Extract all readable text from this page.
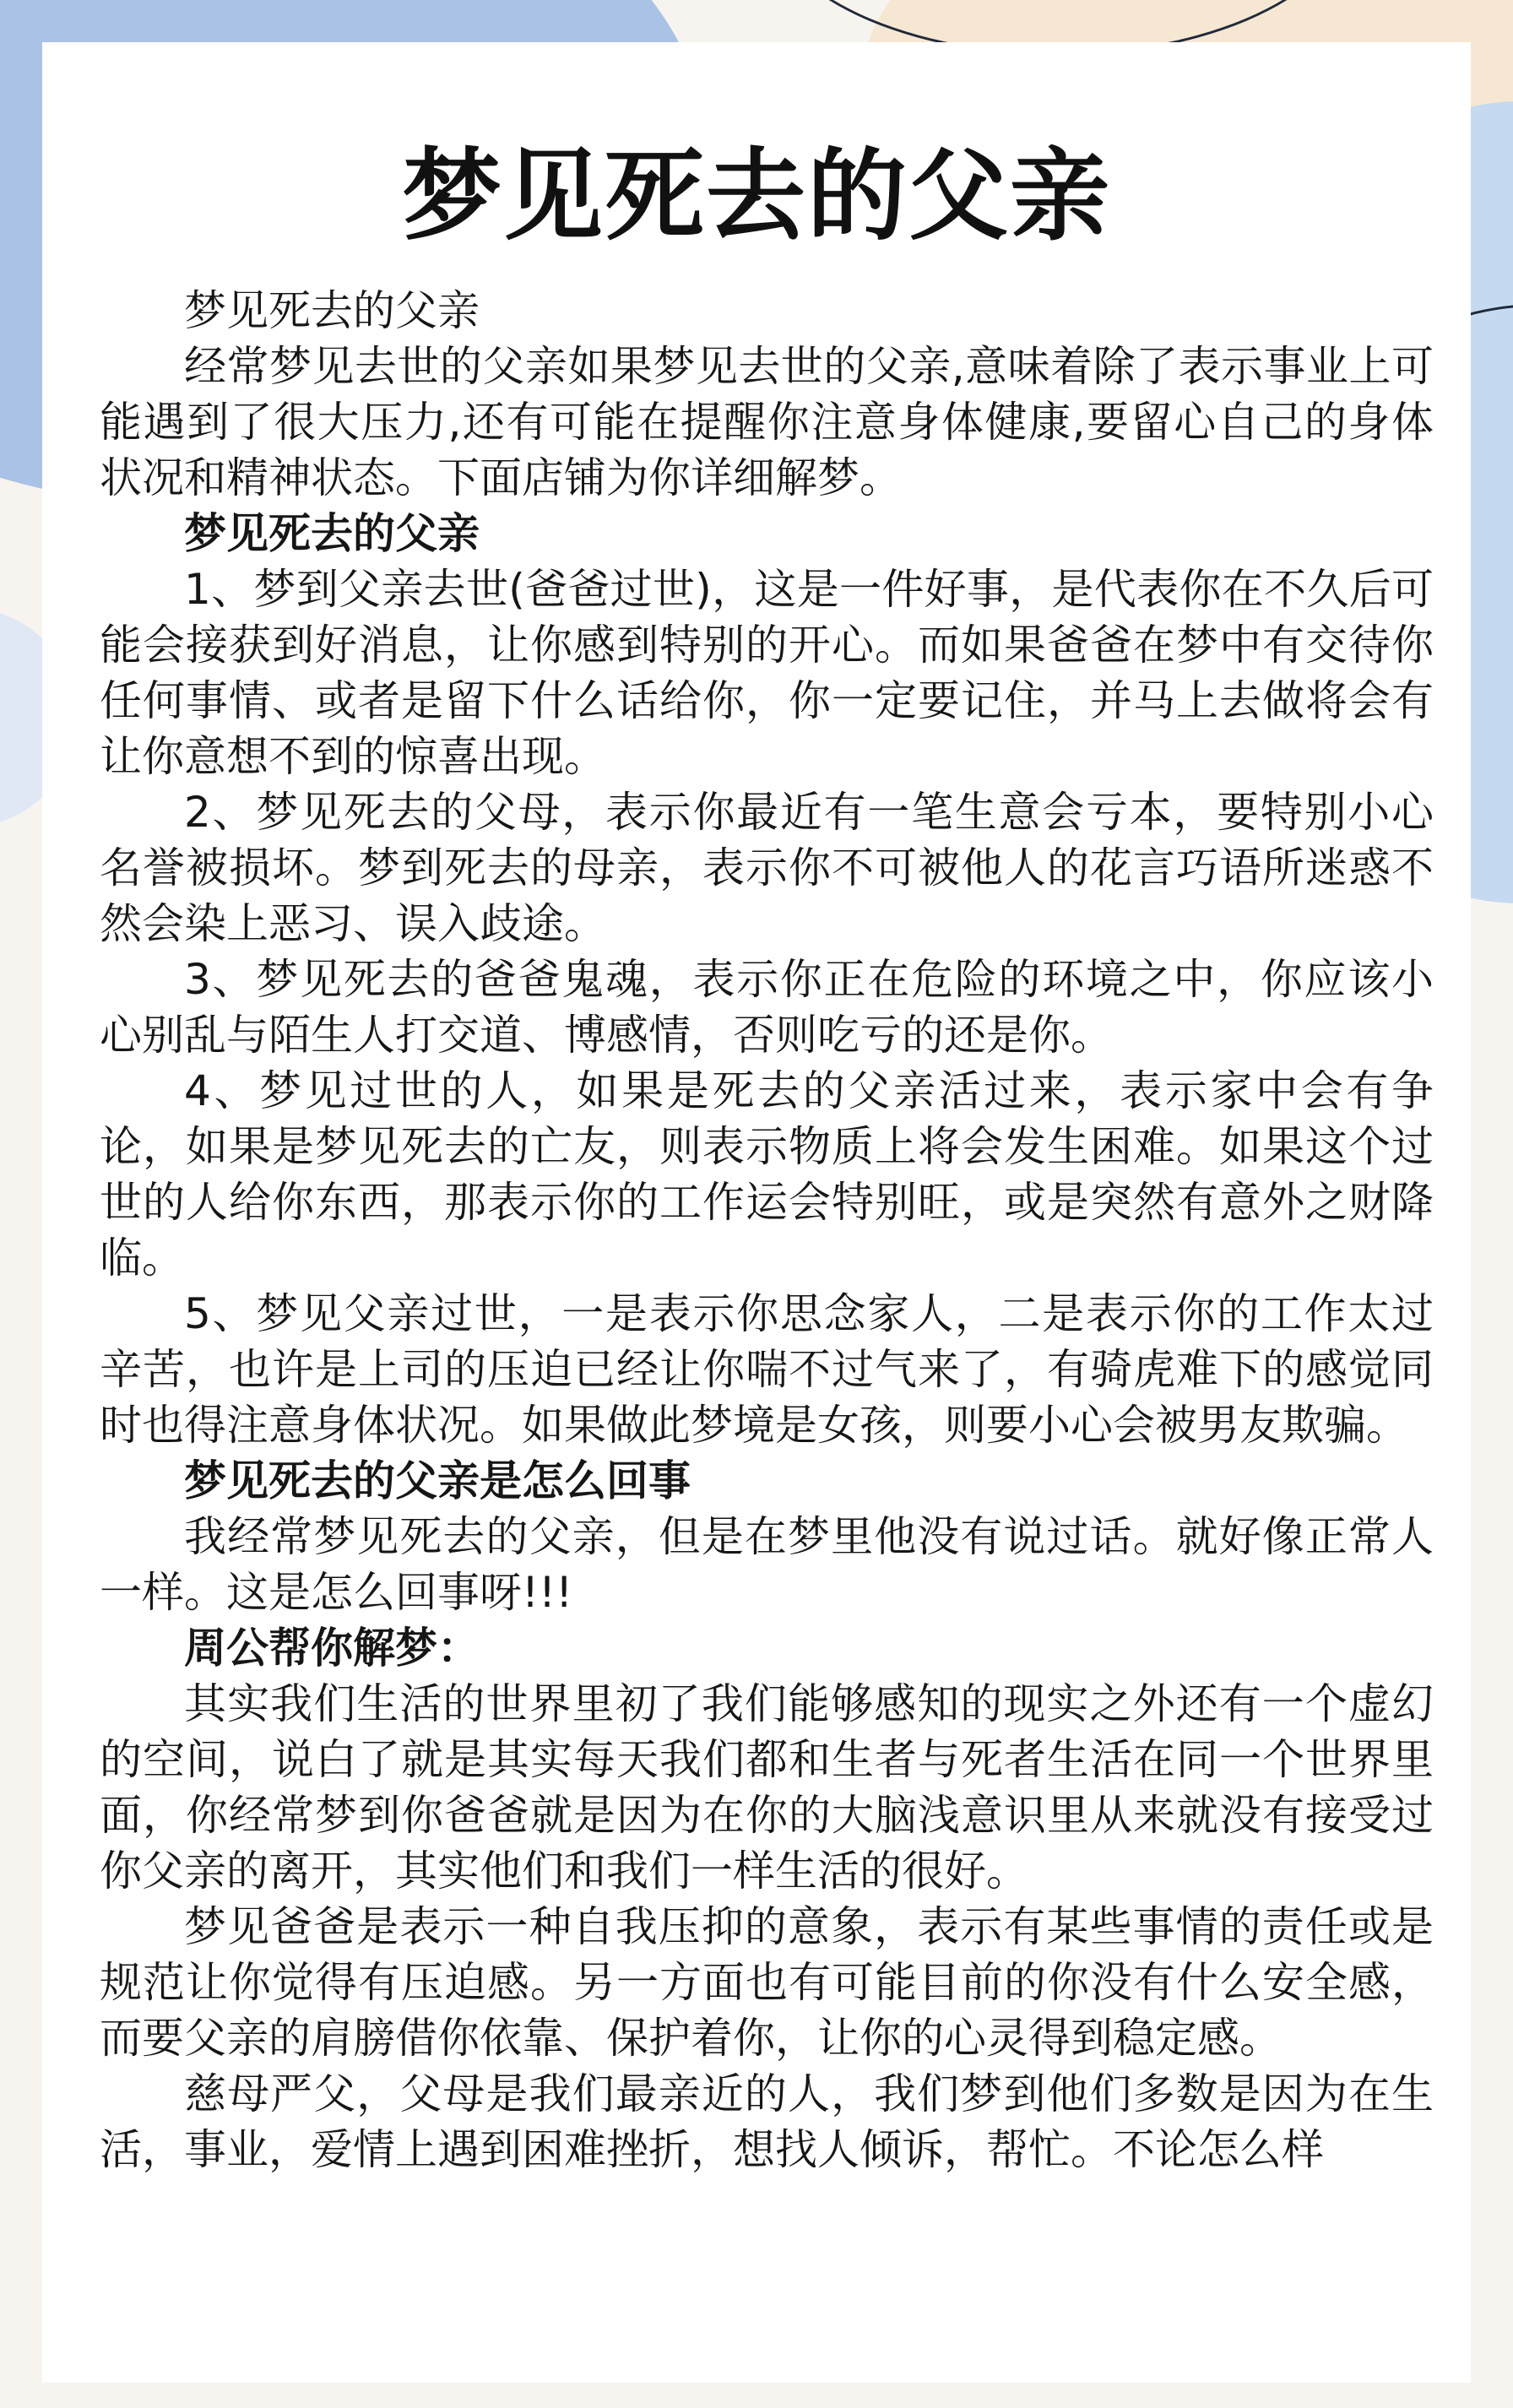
梦见死去的父亲

梦见死去的父亲

经常梦见去世的父亲如果梦见去世的父亲,意味着除了表示事业上可能遇到了很大压力,还有可能在提醒你注意身体健康,要留心自己的身体状况和精神状态。下面店铺为你详细解梦。

梦见死去的父亲

1、梦到父亲去世(爸爸过世)，这是一件好事，是代表你在不久后可能会接获到好消息，让你感到特别的开心。而如果爸爸在梦中有交待你任何事情、或者是留下什么话给你，你一定要记住，并马上去做将会有让你意想不到的惊喜出现。

2、梦见死去的父母，表示你最近有一笔生意会亏本，要特别小心名誉被损坏。梦到死去的母亲，表示你不可被他人的花言巧语所迷惑不然会染上恶习、误入歧途。

3、梦见死去的爸爸鬼魂，表示你正在危险的环境之中，你应该小心别乱与陌生人打交道、博感情，否则吃亏的还是你。

4、梦见过世的人，如果是死去的父亲活过来，表示家中会有争论，如果是梦见死去的亡友，则表示物质上将会发生困难。如果这个过世的人给你东西，那表示你的工作运会特别旺，或是突然有意外之财降临。

5、梦见父亲过世，一是表示你思念家人，二是表示你的工作太过辛苦，也许是上司的压迫已经让你喘不过气来了，有骑虎难下的感觉同时也得注意身体状况。如果做此梦境是女孩，则要小心会被男友欺骗。

梦见死去的父亲是怎么回事

我经常梦见死去的父亲，但是在梦里他没有说过话。就好像正常人一样。这是怎么回事呀!!!

周公帮你解梦：

其实我们生活的世界里初了我们能够感知的现实之外还有一个虚幻的空间，说白了就是其实每天我们都和生者与死者生活在同一个世界里面，你经常梦到你爸爸就是因为在你的大脑浅意识里从来就没有接受过你父亲的离开，其实他们和我们一样生活的很好。

梦见爸爸是表示一种自我压抑的意象，表示有某些事情的责任或是规范让你觉得有压迫感。另一方面也有可能目前的你没有什么安全感，而要父亲的肩膀借你依靠、保护着你，让你的心灵得到稳定感。

慈母严父，父母是我们最亲近的人，我们梦到他们多数是因为在生活，事业，爱情上遇到困难挫折，想找人倾诉，帮忙。不论怎么样
